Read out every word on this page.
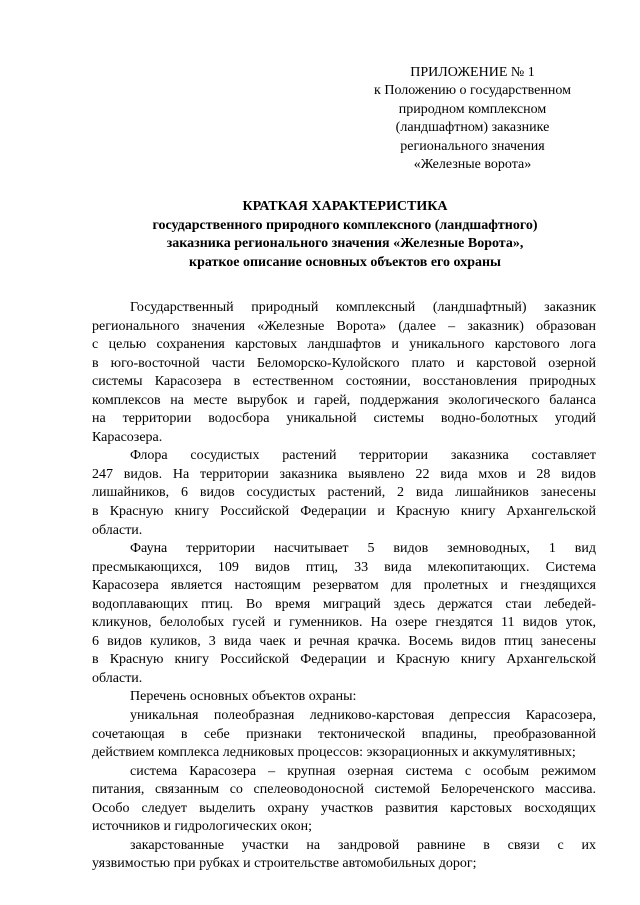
ПРИЛОЖЕНИЕ № 1
к Положению о государственном
природном комплексном
(ландшафтном) заказнике
регионального значения
«Железные ворота»
КРАТКАЯ ХАРАКТЕРИСТИКА
государственного природного комплексного (ландшафтного)
заказника регионального значения «Железные Ворота»,
краткое описание основных объектов его охраны
Государственный природный комплексный (ландшафтный) заказник
регионального значения «Железные Ворота» (далее – заказник) образован
с целью сохранения карстовых ландшафтов и уникального карстового лога
в юго-восточной части Беломорско-Кулойского плато и карстовой озерной
системы Карасозера в естественном состоянии, восстановления природных
комплексов на месте вырубок и гарей, поддержания экологического баланса
на территории водосбора уникальной системы водно-болотных угодий
Карасозера.
Флора сосудистых растений территории заказника составляет
247 видов. На территории заказника выявлено 22 вида мхов и 28 видов
лишайников, 6 видов сосудистых растений, 2 вида лишайников занесены
в Красную книгу Российской Федерации и Красную книгу Архангельской
области.
Фауна территории насчитывает 5 видов земноводных, 1 вид
пресмыкающихся, 109 видов птиц, 33 вида млекопитающих. Система
Карасозера является настоящим резерватом для пролетных и гнездящихся
водоплавающих птиц. Во время миграций здесь держатся стаи лебедей-
кликунов, белолобых гусей и гуменников. На озере гнездятся 11 видов уток,
6 видов куликов, 3 вида чаек и речная крачка. Восемь видов птиц занесены
в Красную книгу Российской Федерации и Красную книгу Архангельской
области.
Перечень основных объектов охраны:
уникальная полеобразная ледниково-карстовая депрессия Карасозера,
сочетающая в себе признаки тектонической впадины, преобразованной
действием комплекса ледниковых процессов: экзорационных и аккумулятивных;
система Карасозера – крупная озерная система с особым режимом
питания, связанным со спелеоводоносной системой Белореченского массива.
Особо следует выделить охрану участков развития карстовых восходящих
источников и гидрологических окон;
закарстованные участки на зандровой равнине в связи с их
уязвимостью при рубках и строительстве автомобильных дорог;
